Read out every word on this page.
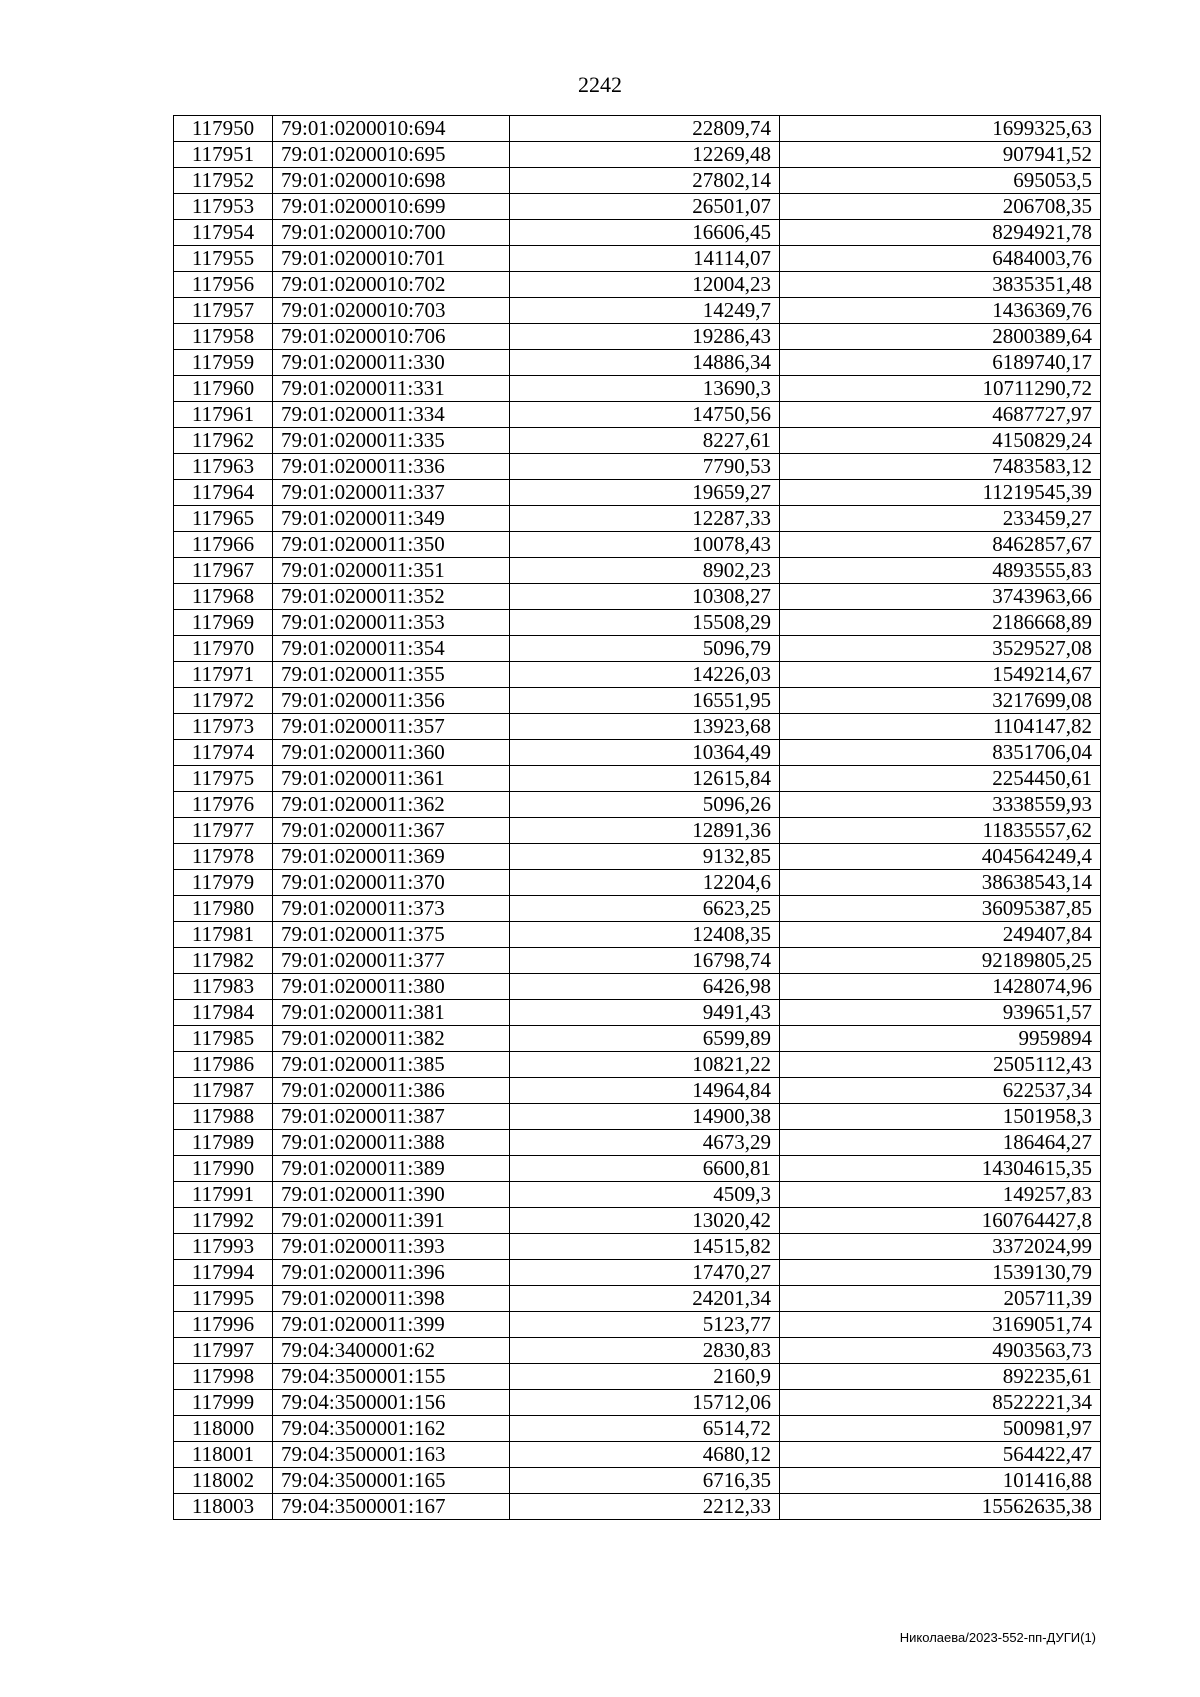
2242
117950	79:01:0200010:694	22809,74	1699325,63
117951	79:01:0200010:695	12269,48	907941,52
117952	79:01:0200010:698	27802,14	695053,5
117953	79:01:0200010:699	26501,07	206708,35
117954	79:01:0200010:700	16606,45	8294921,78
117955	79:01:0200010:701	14114,07	6484003,76
117956	79:01:0200010:702	12004,23	3835351,48
117957	79:01:0200010:703	14249,7	1436369,76
117958	79:01:0200010:706	19286,43	2800389,64
117959	79:01:0200011:330	14886,34	6189740,17
117960	79:01:0200011:331	13690,3	10711290,72
117961	79:01:0200011:334	14750,56	4687727,97
117962	79:01:0200011:335	8227,61	4150829,24
117963	79:01:0200011:336	7790,53	7483583,12
117964	79:01:0200011:337	19659,27	11219545,39
117965	79:01:0200011:349	12287,33	233459,27
117966	79:01:0200011:350	10078,43	8462857,67
117967	79:01:0200011:351	8902,23	4893555,83
117968	79:01:0200011:352	10308,27	3743963,66
117969	79:01:0200011:353	15508,29	2186668,89
117970	79:01:0200011:354	5096,79	3529527,08
117971	79:01:0200011:355	14226,03	1549214,67
117972	79:01:0200011:356	16551,95	3217699,08
117973	79:01:0200011:357	13923,68	1104147,82
117974	79:01:0200011:360	10364,49	8351706,04
117975	79:01:0200011:361	12615,84	2254450,61
117976	79:01:0200011:362	5096,26	3338559,93
117977	79:01:0200011:367	12891,36	11835557,62
117978	79:01:0200011:369	9132,85	404564249,4
117979	79:01:0200011:370	12204,6	38638543,14
117980	79:01:0200011:373	6623,25	36095387,85
117981	79:01:0200011:375	12408,35	249407,84
117982	79:01:0200011:377	16798,74	92189805,25
117983	79:01:0200011:380	6426,98	1428074,96
117984	79:01:0200011:381	9491,43	939651,57
117985	79:01:0200011:382	6599,89	9959894
117986	79:01:0200011:385	10821,22	2505112,43
117987	79:01:0200011:386	14964,84	622537,34
117988	79:01:0200011:387	14900,38	1501958,3
117989	79:01:0200011:388	4673,29	186464,27
117990	79:01:0200011:389	6600,81	14304615,35
117991	79:01:0200011:390	4509,3	149257,83
117992	79:01:0200011:391	13020,42	160764427,8
117993	79:01:0200011:393	14515,82	3372024,99
117994	79:01:0200011:396	17470,27	1539130,79
117995	79:01:0200011:398	24201,34	205711,39
117996	79:01:0200011:399	5123,77	3169051,74
117997	79:04:3400001:62	2830,83	4903563,73
117998	79:04:3500001:155	2160,9	892235,61
117999	79:04:3500001:156	15712,06	8522221,34
118000	79:04:3500001:162	6514,72	500981,97
118001	79:04:3500001:163	4680,12	564422,47
118002	79:04:3500001:165	6716,35	101416,88
118003	79:04:3500001:167	2212,33	15562635,38
Николаева/2023-552-пп-ДУГИ(1)
